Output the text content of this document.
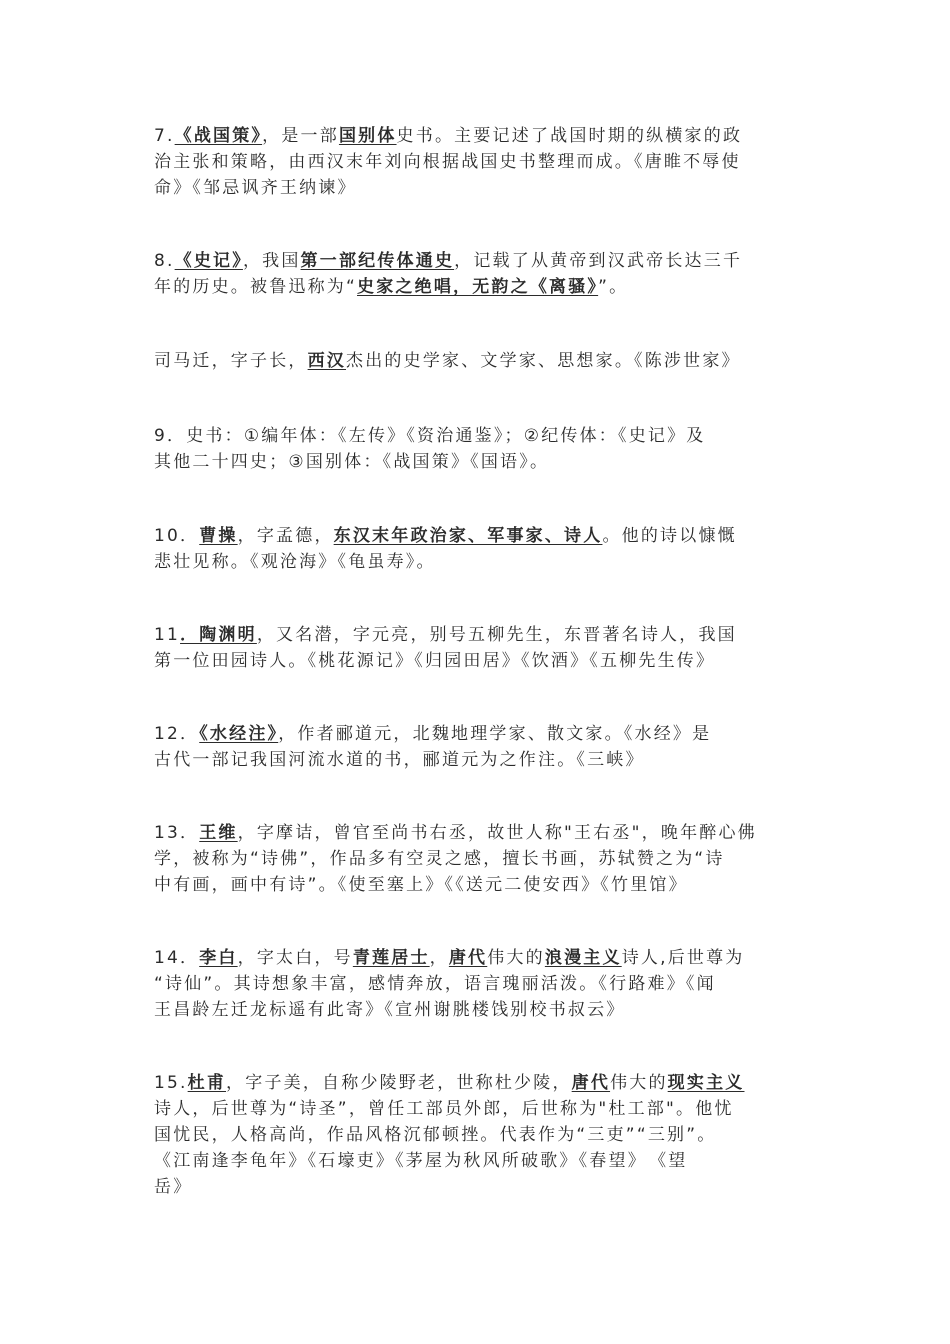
7.《战国策》，是一部国别体史书。主要记述了战国时期的纵横家的政
治主张和策略，由西汉末年刘向根据战国史书整理而成。《唐睢不辱使
命》《邹忌讽齐王纳谏》
8.《史记》，我国第一部纪传体通史，记载了从黄帝到汉武帝长达三千
年的历史。被鲁迅称为“史家之绝唱，无韵之《离骚》”。
司马迁，字子长，西汉杰出的史学家、文学家、思想家。《陈涉世家》
9．史书：①编年体：《左传》《资治通鉴》；②纪传体：《史记》及
其他二十四史；③国别体：《战国策》《国语》。
10．曹操，字孟德，东汉末年政治家、军事家、诗人。他的诗以慷慨
悲壮见称。《观沧海》《龟虽寿》。
11．陶渊明，又名潜，字元亮，别号五柳先生，东晋著名诗人，我国
第一位田园诗人。《桃花源记》《归园田居》《饮酒》《五柳先生传》
12．《水经注》，作者郦道元，北魏地理学家、散文家。《水经》是
古代一部记我国河流水道的书，郦道元为之作注。《三峡》
13．王维，字摩诘，曾官至尚书右丞，故世人称"王右丞"，晚年醉心佛
学，被称为“诗佛”，作品多有空灵之感，擅长书画，苏轼赞之为“诗
中有画，画中有诗”。《使至塞上》《《送元二使安西》《竹里馆》
14．李白，字太白，号青莲居士，唐代伟大的浪漫主义诗人,后世尊为
“诗仙”。其诗想象丰富，感情奔放，语言瑰丽活泼。《行路难》《闻
王昌龄左迁龙标遥有此寄》《宣州谢朓楼饯别校书叔云》
15.杜甫，字子美，自称少陵野老，世称杜少陵，唐代伟大的现实主义
诗人，后世尊为“诗圣”，曾任工部员外郎，后世称为"杜工部"。他忧
国忧民，人格高尚，作品风格沉郁顿挫。代表作为“三吏”“三别”。
《江南逢李龟年》《石壕吏》《茅屋为秋风所破歌》《春望》　《望
岳》
